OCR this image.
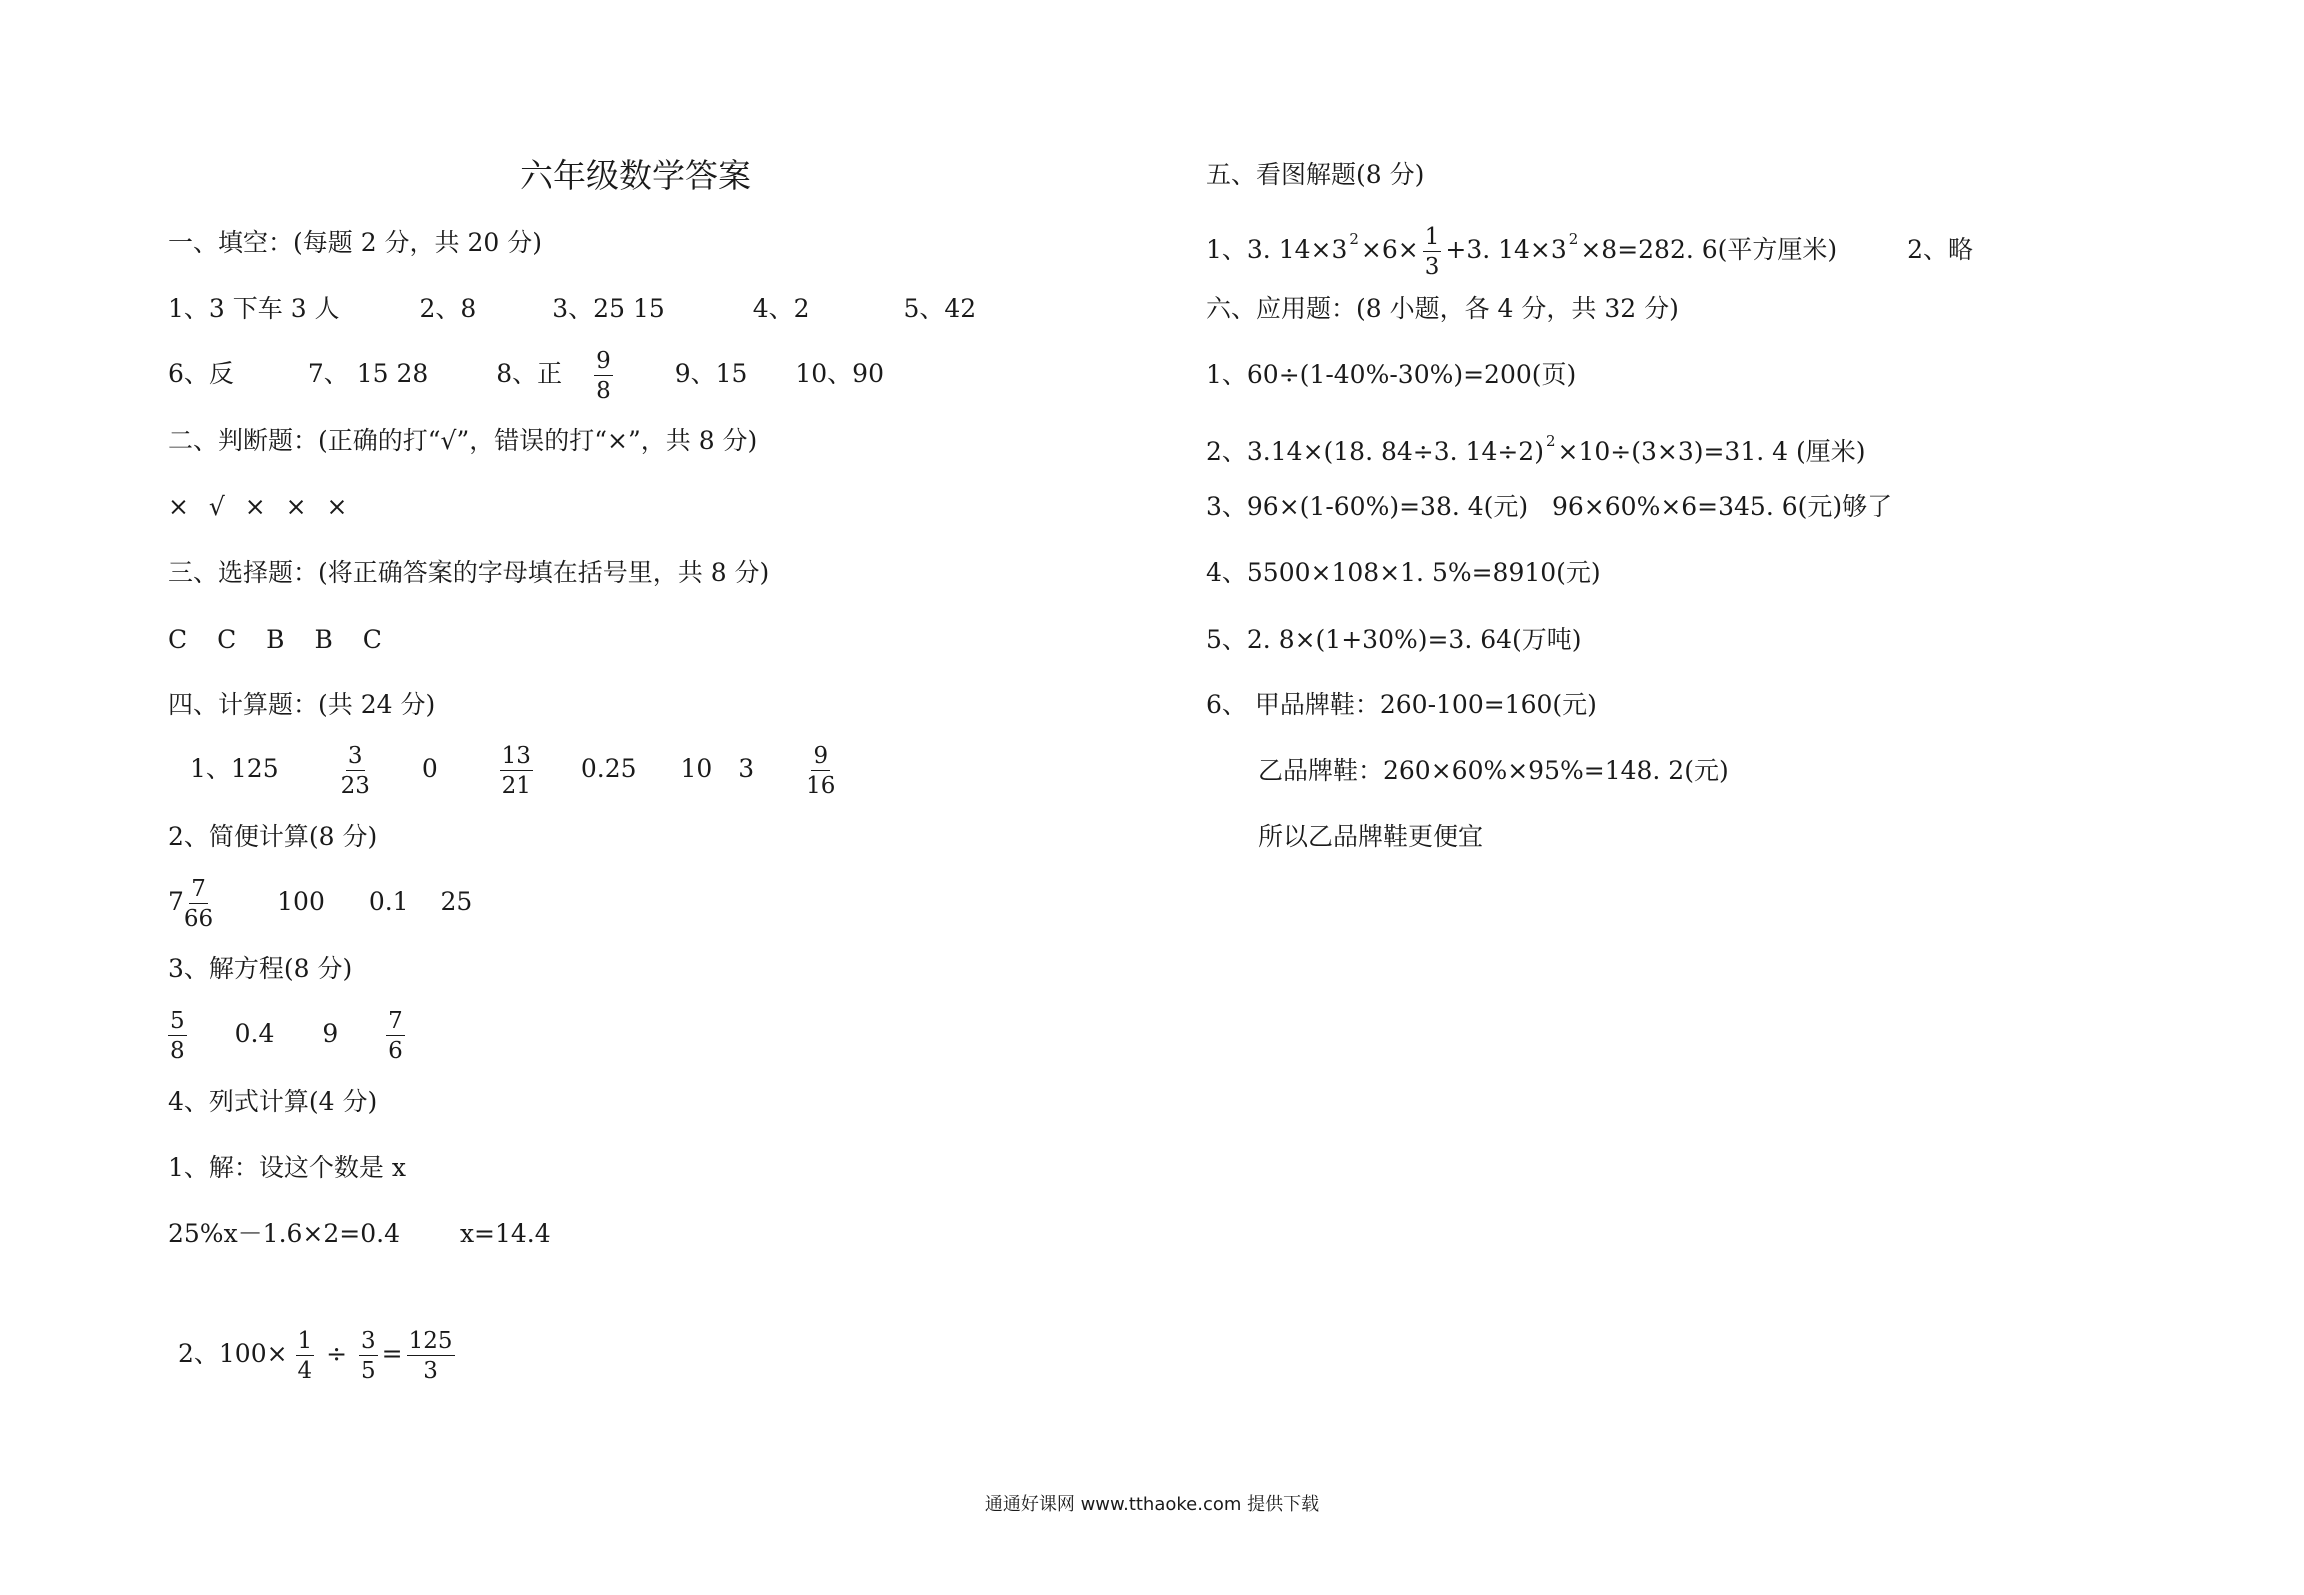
六年级数学答案
一、填空：(每题 2 分，共 20 分)
1、3 下车 3 人	2、8	3、25 15	4、2	5、42
6、反	7、 15 28	8、正 $\frac{9}{8} 9$、15 10、90
二、判断题：(正确的打“√”，错误的打“×”，共 8 分)
× √ × × ×
三、选择题：(将正确答案的字母填在括号里，共 8 分)
C C B B C
四、计算题：(共 24 分)
1、125	$\frac{3}{23} 0$	$\frac{13}{21} 0.25$ 10 $3 \frac{9}{16}$
2、简便计算(8 分)
$7 \frac{7}{66}$	100 0.1 25
3、解方程(8 分)
$\frac{5}{8} 0.4$ $9 \frac{7}{6}$
4、列式计算(4 分)
1、解：设这个数是 x
25%x－1.6×2=0.4 x=14.4
2、$100\times \frac{1}{4} \div \frac{3}{5} = \frac{125}{3}$
五、看图解题(8 分)
1、3. 14×3 $^2\times 6\times \frac{1}{3} +3$. 14×3 $^2$×8=282. 6(平方厘米)	2、略
六、应用题：(8 小题，各 4 分，共 32 分)
1、60÷(1-40%-30%)=200(页)
2、3.14×(18. 84÷3. 14÷2) $^2$×10÷(3×3)=31. 4 (厘米)
3、96×(1-60%)=38. 4(元)   96×60%×6=345. 6(元)够了
4、5500×108×1. 5%=8910(元)
5、2. 8×(1+30%)=3. 64(万吨)
6、 甲品牌鞋：260-100=160(元)
乙品牌鞋：260×60%×95%=148. 2(元)
所以乙品牌鞋更便宜
通通好课网 www.tthaoke.com 提供下载
